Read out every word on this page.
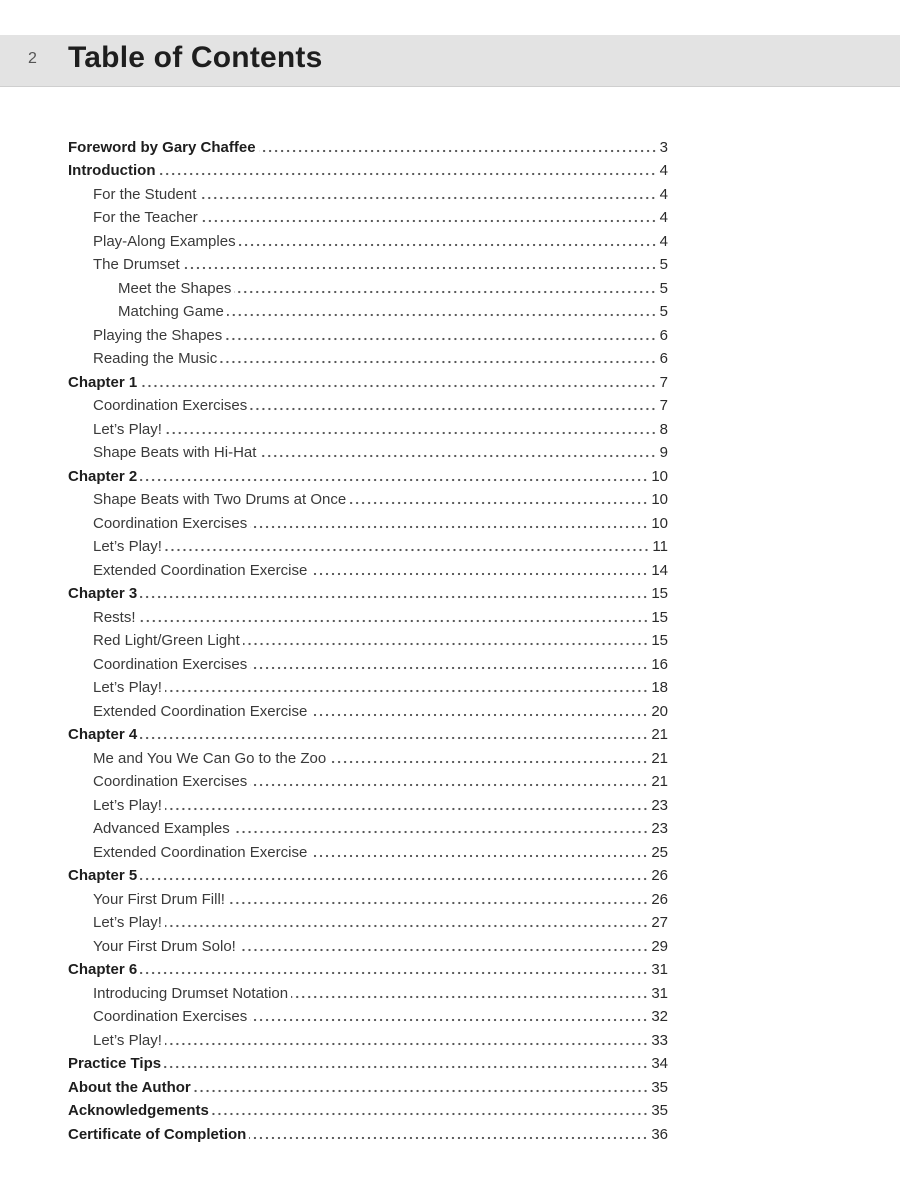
2 Table of Contents
Foreword by Gary Chaffee	3
Introduction	4
For the Student	4
For the Teacher	4
Play-Along Examples	4
The Drumset	5
Meet the Shapes	5
Matching Game	5
Playing the Shapes	6
Reading the Music	6
Chapter 1	7
Coordination Exercises	7
Let’s Play!	8
Shape Beats with Hi-Hat	9
Chapter 2	10
Shape Beats with Two Drums at Once	10
Coordination Exercises	10
Let’s Play!	11
Extended Coordination Exercise	14
Chapter 3	15
Rests!	15
Red Light/Green Light	15
Coordination Exercises	16
Let’s Play!	18
Extended Coordination Exercise	20
Chapter 4	21
Me and You We Can Go to the Zoo	21
Coordination Exercises	21
Let’s Play!	23
Advanced Examples	23
Extended Coordination Exercise	25
Chapter 5	26
Your First Drum Fill!	26
Let’s Play!	27
Your First Drum Solo!	29
Chapter 6	31
Introducing Drumset Notation	31
Coordination Exercises	32
Let’s Play!	33
Practice Tips	34
About the Author	35
Acknowledgements	35
Certificate of Completion	36
